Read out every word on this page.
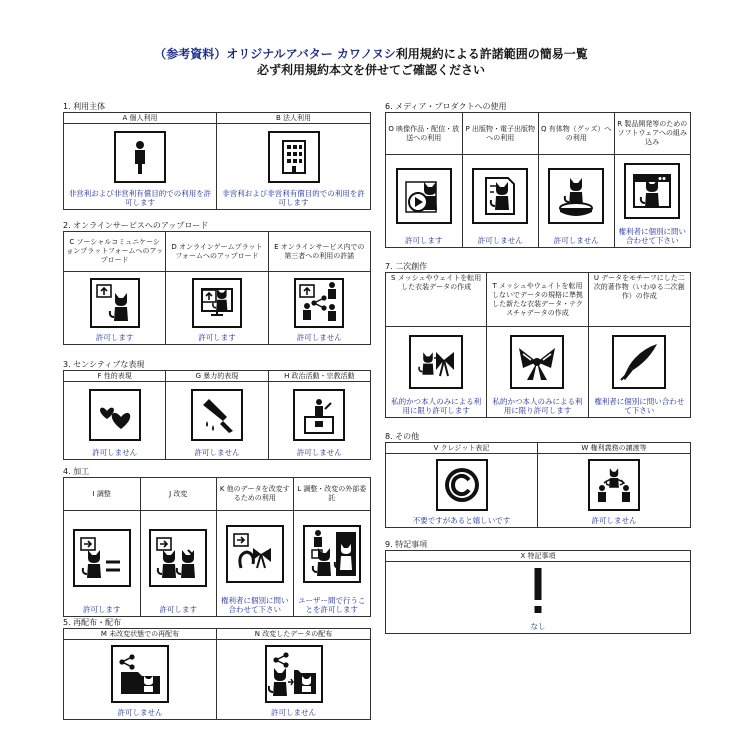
（参考資料）オリジナルアバター カワノヌシ利用規約による許諾範囲の簡易一覧
必ず利用規約本文を併せてご確認ください
1. 利用主体
A 個人利用
非営利および非営利有償目的での利用を許可します
B 法人利用
非営利および非営利有償目的での利用を許可します
2. オンラインサービスへのアップロード
C ソーシャルコミュニケーションプラットフォームへのアップロード
許可します
D オンラインゲームプラットフォームへのアップロード
許可します
E オンラインサービス内での第三者への利用の許諾
許可しません
3. センシティブな表現
F 性的表現
許可しません
G 暴力的表現
許可しません
H 政治活動・宗教活動
許可しません
4. 加工
I 調整
許可します
J 改変
許可します
K 他のデータを改変するための利用
権利者に個別に問い合わせて下さい
L 調整・改変の外部委託
ユーザー間で行うことを許可します
5. 再配布・配布
M 未改変状態での再配布
許可しません
N 改変したデータの配布
許可しません
6. メディア・プロダクトへの使用
O 映像作品・配信・放送への利用
許可します
P 出版物・電子出版物への利用
許可しません
Q 有体物（グッズ）への利用
許可しません
R 製品開発等のためのソフトウェアへの組み込み
権利者に個別に問い合わせて下さい
7. 二次創作
S メッシュやウェイトを転用した衣装データの作成
私的かつ本人のみによる利用に限り許可します
T メッシュやウェイトを転用しないでデータの規格に準拠した新たな衣装データ・テクスチャデータの作成
私的かつ本人のみによる利用に限り許可します
U データをモチーフにした二次的著作物（いわゆる二次創作）の作成
権利者に個別に問い合わせて下さい
8. その他
V クレジット表記
不要ですがあると嬉しいです
W 権利義務の譲渡等
許可しません
9. 特記事項
X 特記事項
なし
